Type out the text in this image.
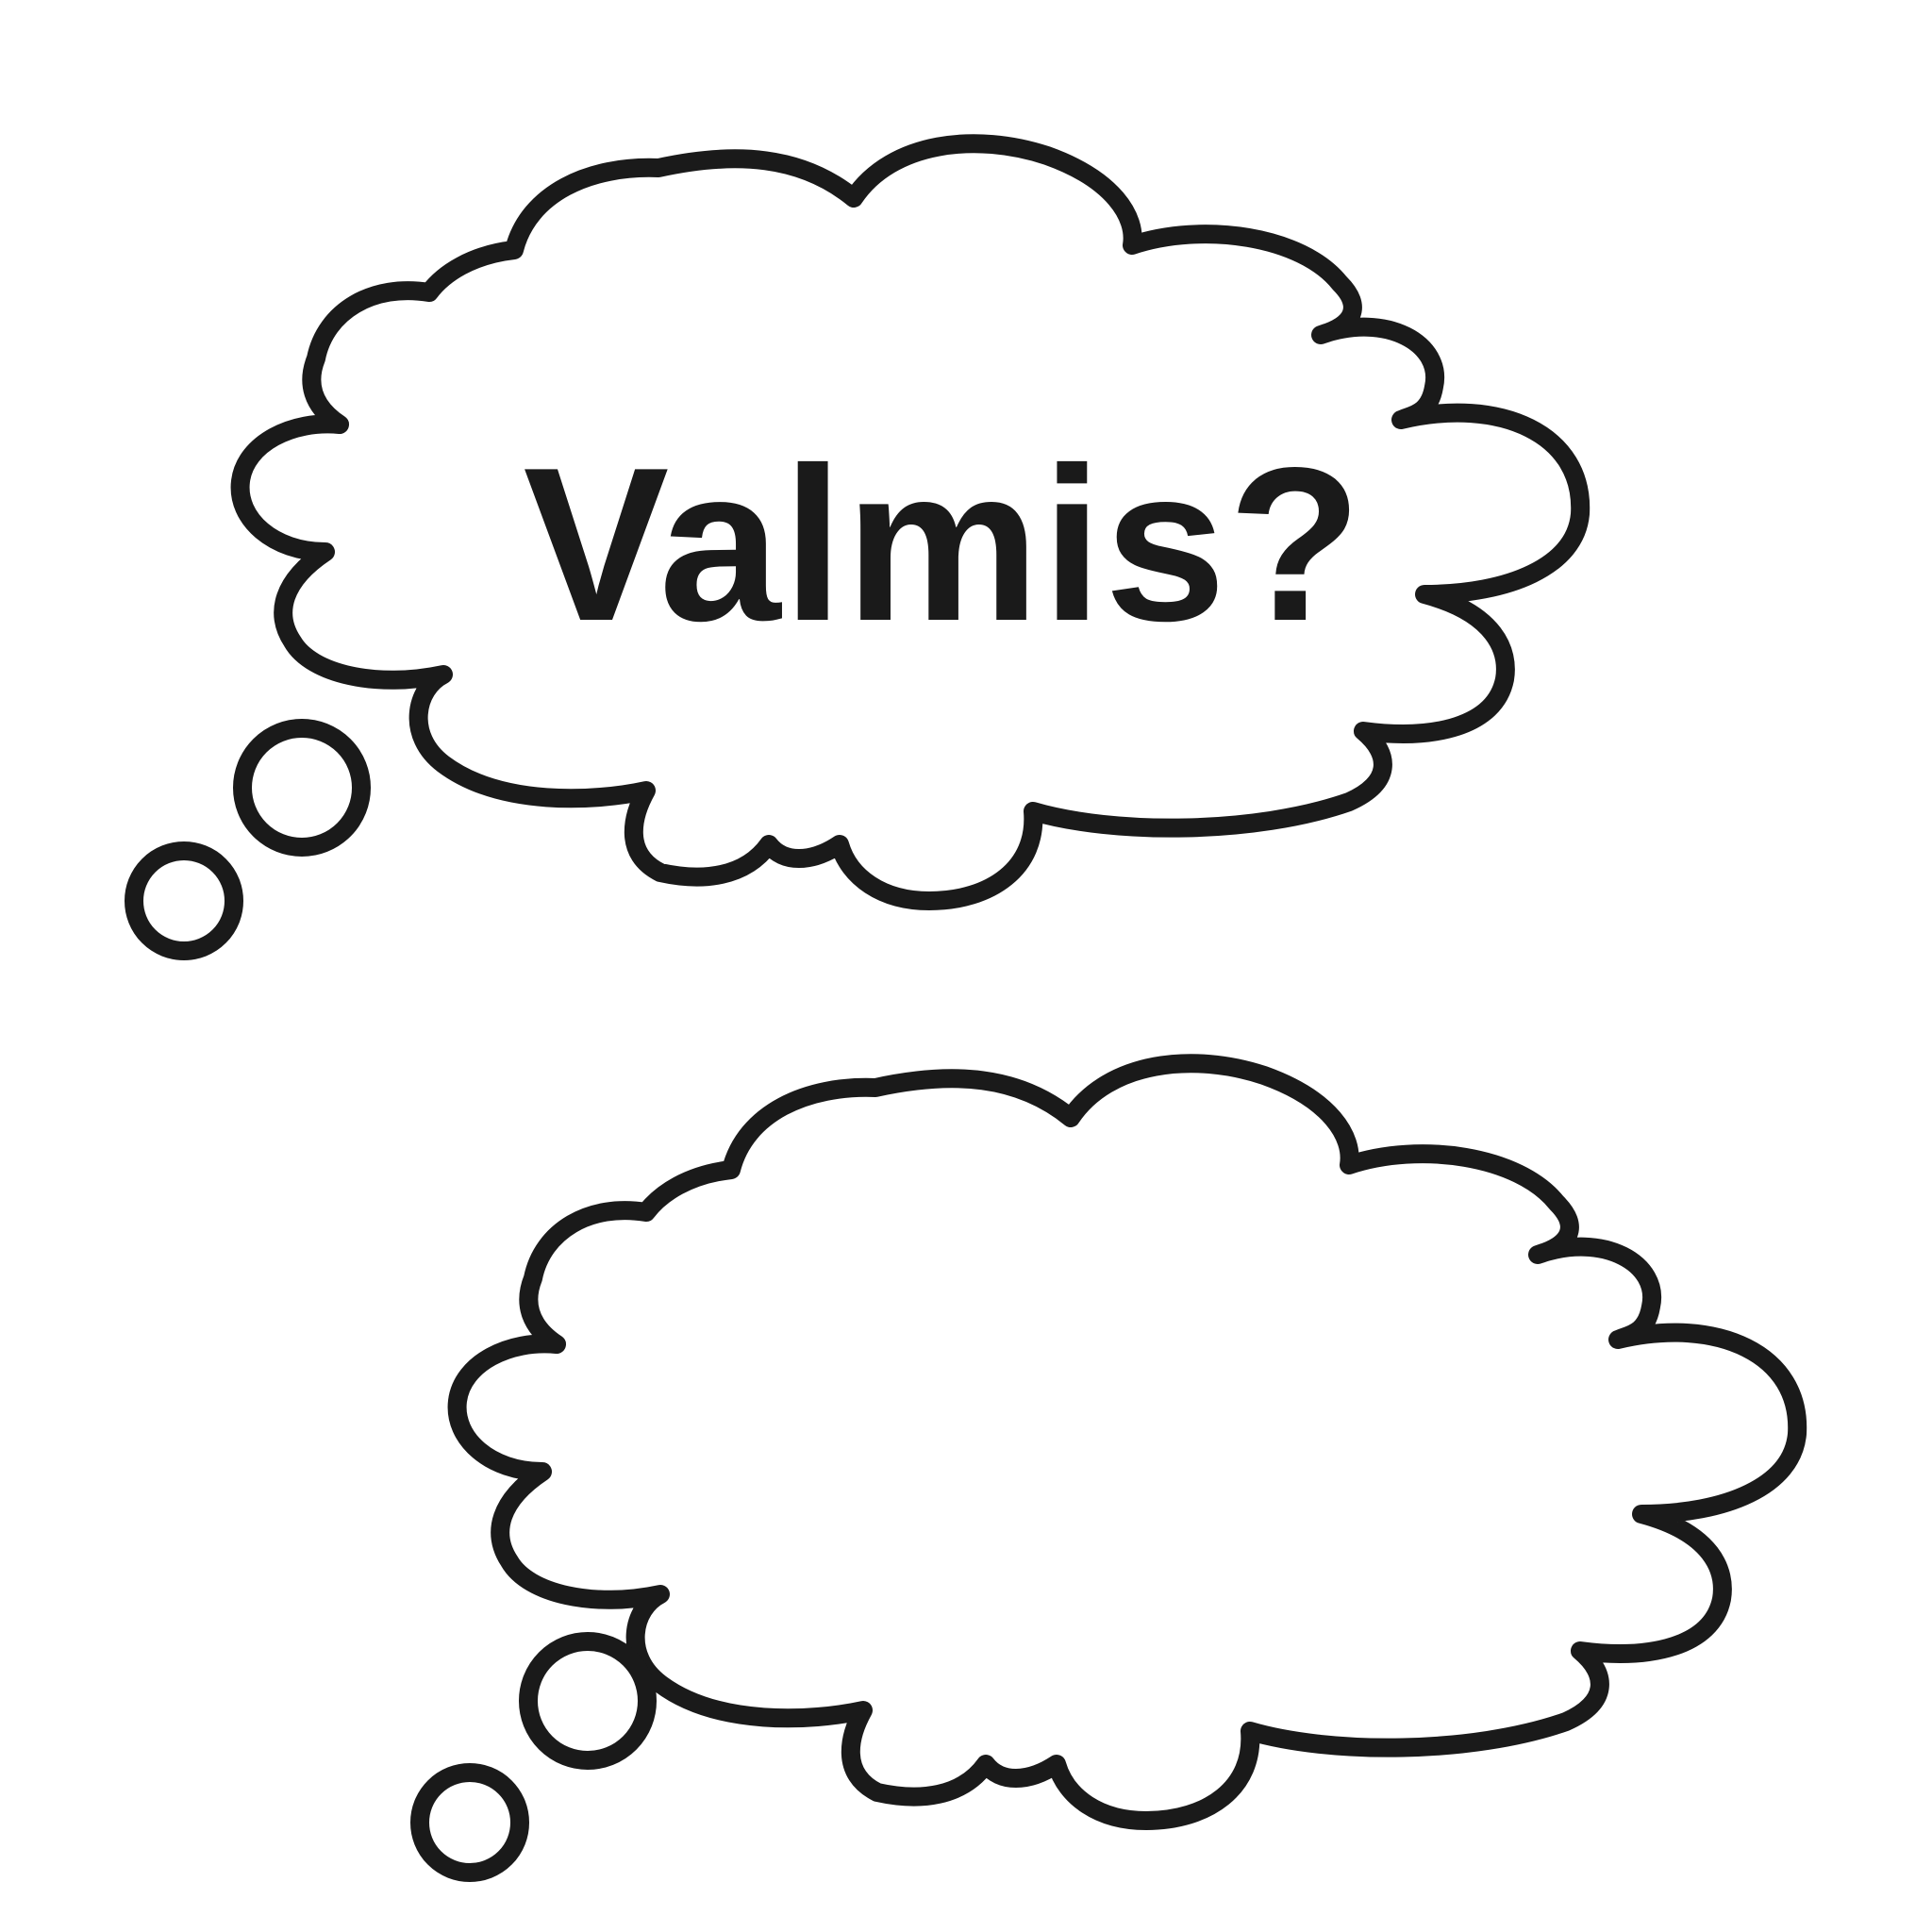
Valmis?
